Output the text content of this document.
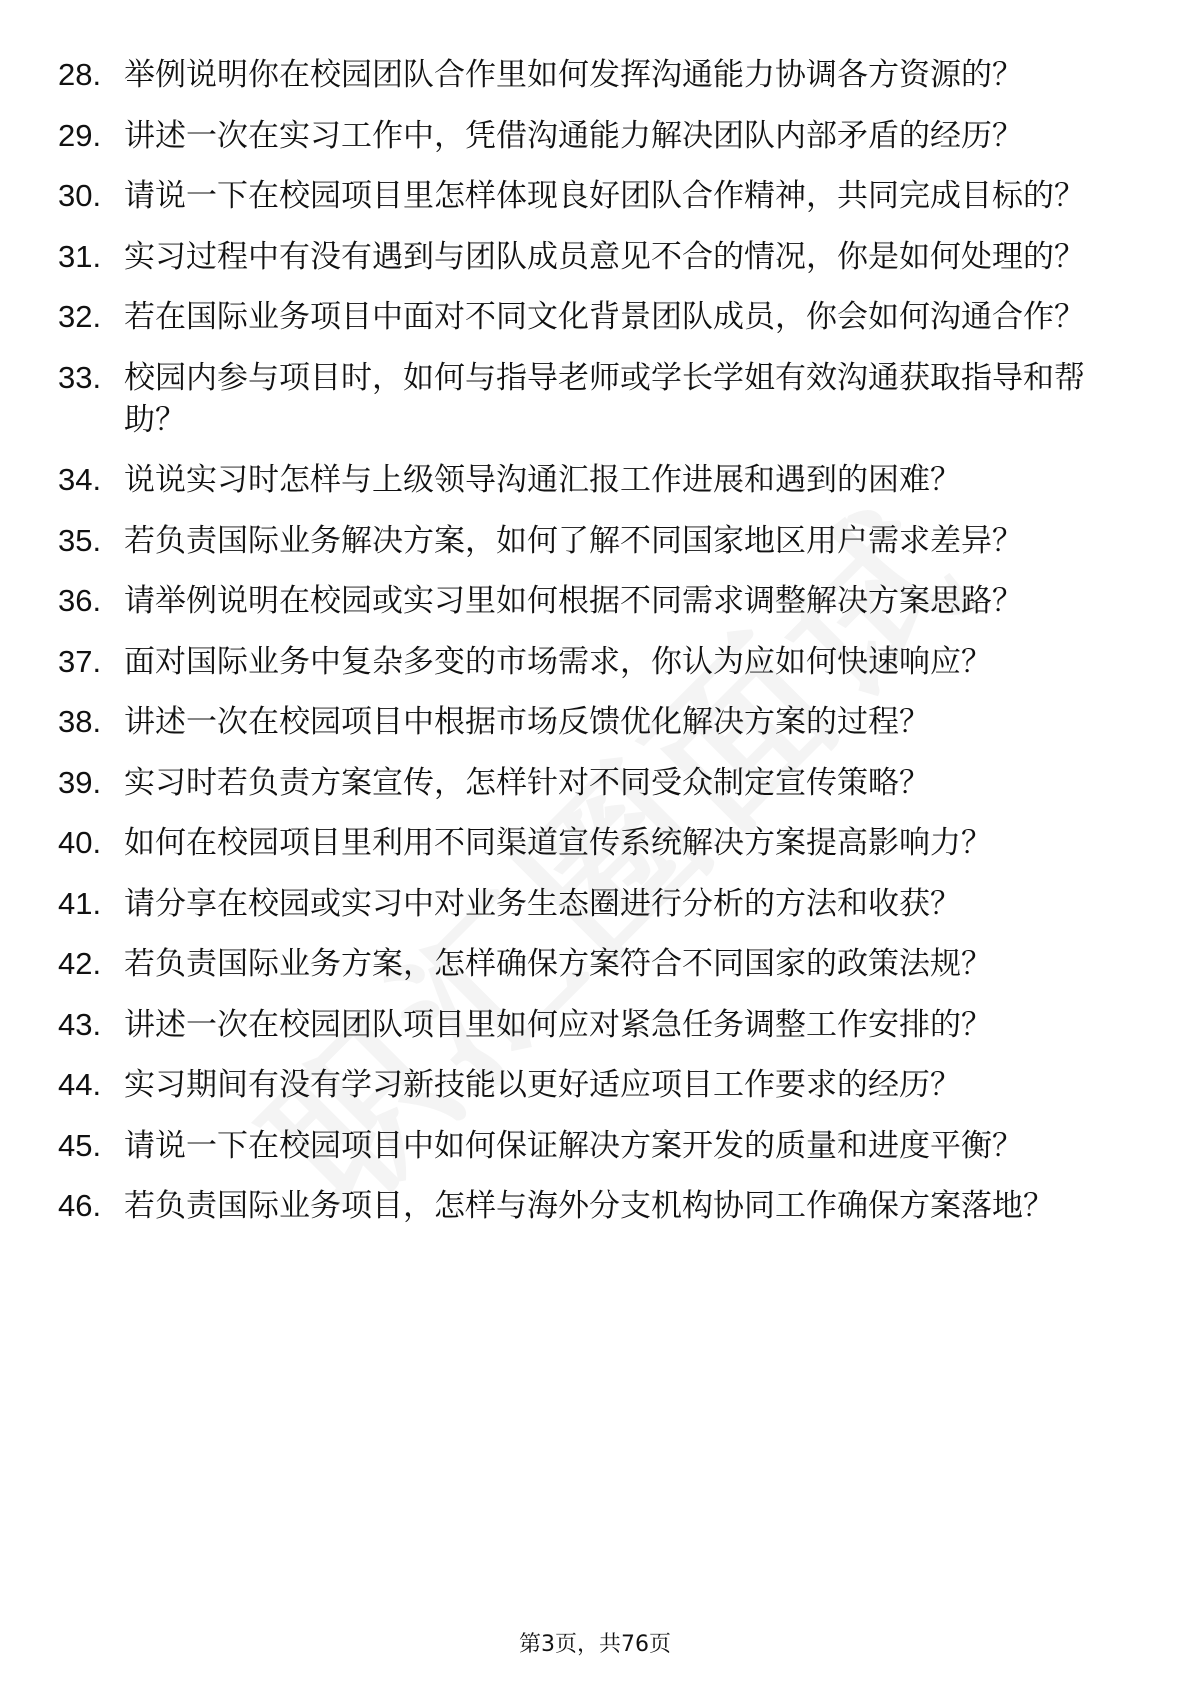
28. 举例说明你在校园团队合作里如何发挥沟通能力协调各方资源的？
29. 讲述一次在实习工作中，凭借沟通能力解决团队内部矛盾的经历？
30. 请说一下在校园项目里怎样体现良好团队合作精神，共同完成目标的？
31. 实习过程中有没有遇到与团队成员意见不合的情况，你是如何处理的？
32. 若在国际业务项目中面对不同文化背景团队成员，你会如何沟通合作？
33. 校园内参与项目时，如何与指导老师或学长学姐有效沟通获取指导和帮助？
34. 说说实习时怎样与上级领导沟通汇报工作进展和遇到的困难？
35. 若负责国际业务解决方案，如何了解不同国家地区用户需求差异？
36. 请举例说明在校园或实习里如何根据不同需求调整解决方案思路？
37. 面对国际业务中复杂多变的市场需求，你认为应如何快速响应？
38. 讲述一次在校园项目中根据市场反馈优化解决方案的过程？
39. 实习时若负责方案宣传，怎样针对不同受众制定宣传策略？
40. 如何在校园项目里利用不同渠道宣传系统解决方案提高影响力？
41. 请分享在校园或实习中对业务生态圈进行分析的方法和收获？
42. 若负责国际业务方案，怎样确保方案符合不同国家的政策法规？
43. 讲述一次在校园团队项目里如何应对紧急任务调整工作安排的？
44. 实习期间有没有学习新技能以更好适应项目工作要求的经历？
45. 请说一下在校园项目中如何保证解决方案开发的质量和进度平衡？
46. 若负责国际业务项目，怎样与海外分支机构协同工作确保方案落地？
第3页，共76页
